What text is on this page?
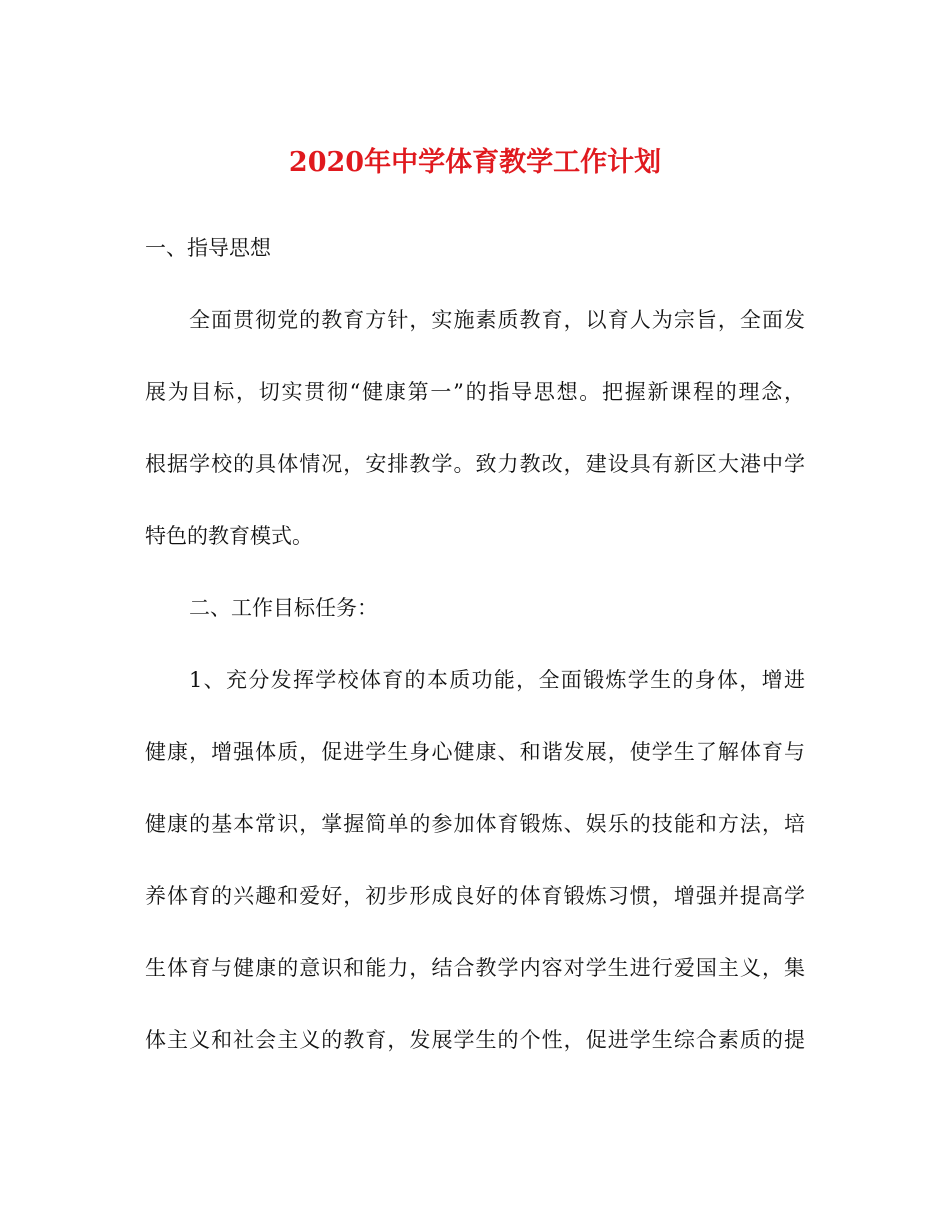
2020年中学体育教学工作计划
一、指导思想
全面贯彻党的教育方针，实施素质教育，以育人为宗旨，全面发
展为目标，切实贯彻“健康第一”的指导思想。把握新课程的理念，
根据学校的具体情况，安排教学。致力教改，建设具有新区大港中学
特色的教育模式。
二、工作目标任务：
1、充分发挥学校体育的本质功能，全面锻炼学生的身体，增进
健康，增强体质，促进学生身心健康、和谐发展，使学生了解体育与
健康的基本常识，掌握简单的参加体育锻炼、娱乐的技能和方法，培
养体育的兴趣和爱好，初步形成良好的体育锻炼习惯，增强并提高学
生体育与健康的意识和能力，结合教学内容对学生进行爱国主义，集
体主义和社会主义的教育，发展学生的个性，促进学生综合素质的提
